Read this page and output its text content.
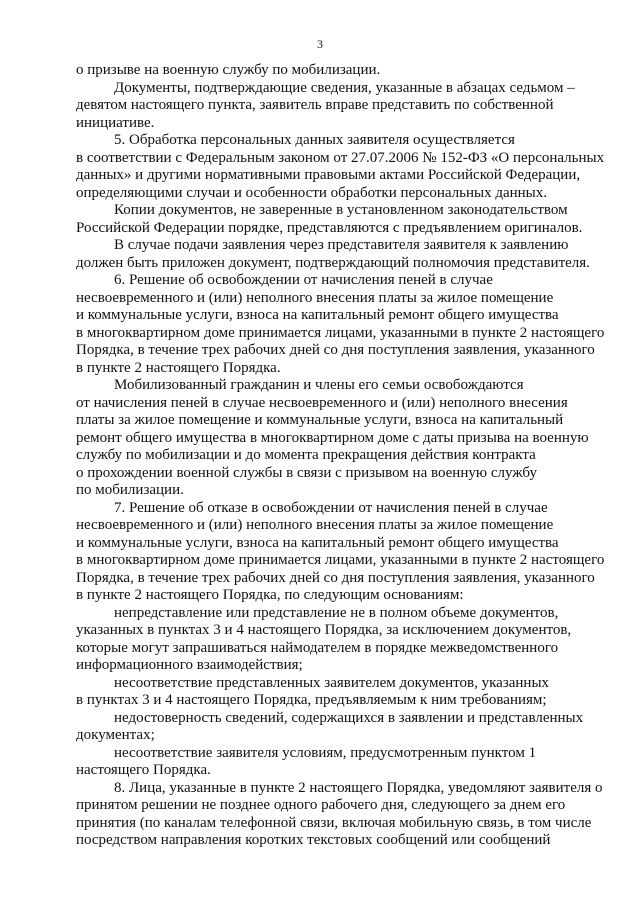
3

о призыве на военную службу по мобилизации.

Документы, подтверждающие сведения, указанные в абзацах седьмом –
девятом настоящего пункта, заявитель вправе представить по собственной
инициативе.

5. Обработка персональных данных заявителя осуществляется
в соответствии с Федеральным законом от 27.07.2006 № 152-ФЗ «О персональных
данных» и другими нормативными правовыми актами Российской Федерации,
определяющими случаи и особенности обработки персональных данных.

Копии документов, не заверенные в установленном законодательством
Российской Федерации порядке, представляются с предъявлением оригиналов.

В случае подачи заявления через представителя заявителя к заявлению
должен быть приложен документ, подтверждающий полномочия представителя.

6. Решение об освобождении от начисления пеней в случае
несвоевременного и (или) неполного внесения платы за жилое помещение
и коммунальные услуги, взноса на капитальный ремонт общего имущества
в многоквартирном доме принимается лицами, указанными в пункте 2 настоящего
Порядка, в течение трех рабочих дней со дня поступления заявления, указанного
в пункте 2 настоящего Порядка.

Мобилизованный гражданин и члены его семьи освобождаются
от начисления пеней в случае несвоевременного и (или) неполного внесения
платы за жилое помещение и коммунальные услуги, взноса на капитальный
ремонт общего имущества в многоквартирном доме с даты призыва на военную
службу по мобилизации и до момента прекращения действия контракта
о прохождении военной службы в связи с призывом на военную службу
по мобилизации.

7. Решение об отказе в освобождении от начисления пеней в случае
несвоевременного и (или) неполного внесения платы за жилое помещение
и коммунальные услуги, взноса на капитальный ремонт общего имущества
в многоквартирном доме принимается лицами, указанными в пункте 2 настоящего
Порядка, в течение трех рабочих дней со дня поступления заявления, указанного
в пункте 2 настоящего Порядка, по следующим основаниям:

непредставление или представление не в полном объеме документов,
указанных в пунктах 3 и 4 настоящего Порядка, за исключением документов,
которые могут запрашиваться наймодателем в порядке межведомственного
информационного взаимодействия;

несоответствие представленных заявителем документов, указанных
в пунктах 3 и 4 настоящего Порядка, предъявляемым к ним требованиям;

недостоверность сведений, содержащихся в заявлении и представленных
документах;

несоответствие заявителя условиям, предусмотренным пунктом 1
настоящего Порядка.

8. Лица, указанные в пункте 2 настоящего Порядка, уведомляют заявителя о
принятом решении не позднее одного рабочего дня, следующего за днем его
принятия (по каналам телефонной связи, включая мобильную связь, в том числе
посредством направления коротких текстовых сообщений или сообщений
